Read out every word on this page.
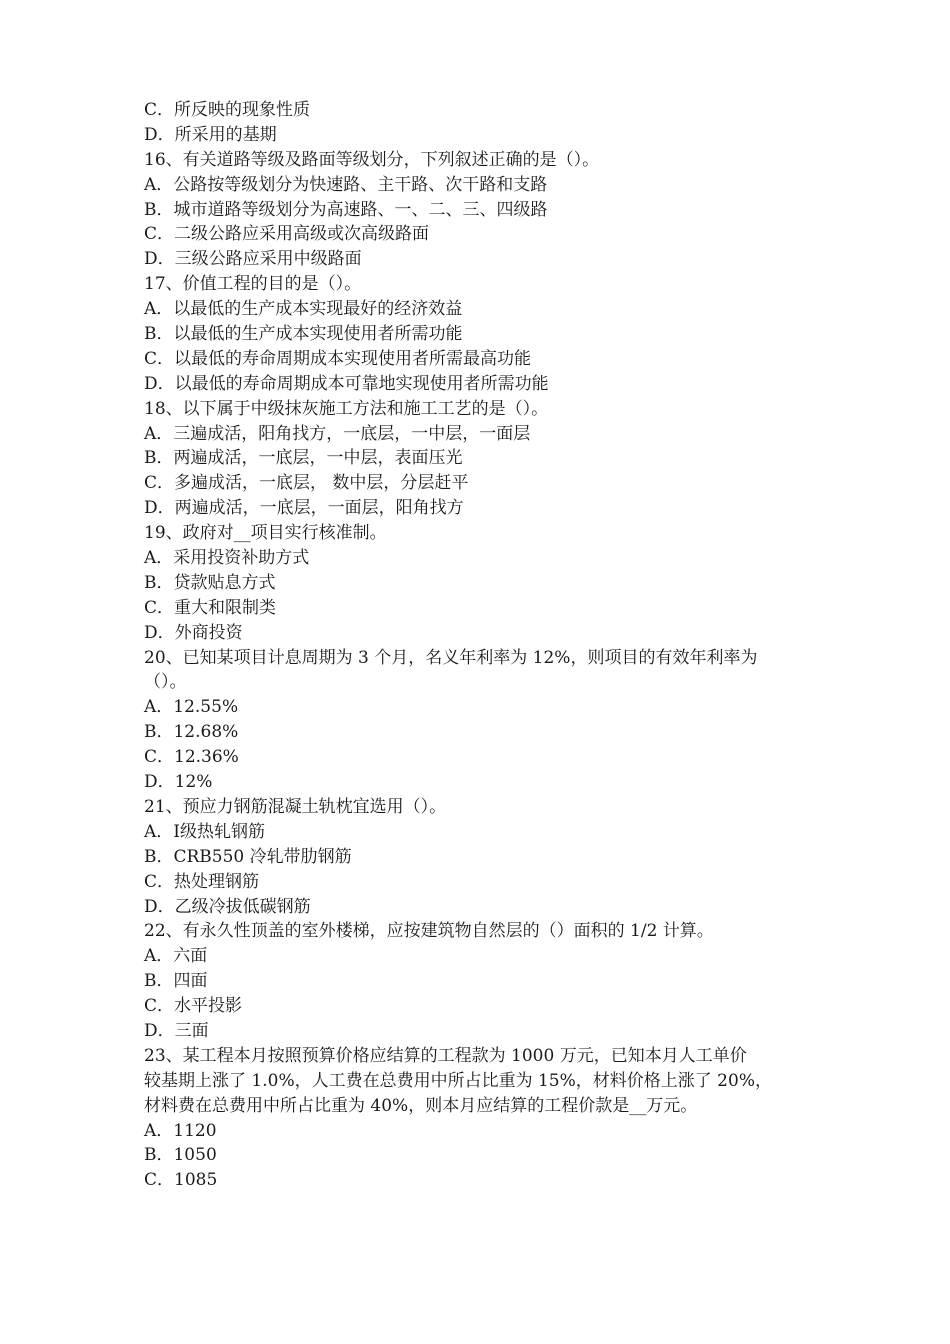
C．所反映的现象性质
D．所采用的基期
16、有关道路等级及路面等级划分，下列叙述正确的是（）。
A．公路按等级划分为快速路、主干路、次干路和支路
B．城市道路等级划分为高速路、一、二、三、四级路
C．二级公路应采用高级或次高级路面
D．三级公路应采用中级路面
17、价值工程的目的是（）。
A．以最低的生产成本实现最好的经济效益
B．以最低的生产成本实现使用者所需功能
C．以最低的寿命周期成本实现使用者所需最高功能
D．以最低的寿命周期成本可靠地实现使用者所需功能
18、以下属于中级抹灰施工方法和施工工艺的是（）。
A．三遍成活，阳角找方，一底层，一中层，一面层
B．两遍成活，一底层，一中层，表面压光
C．多遍成活，一底层， 数中层，分层赶平
D．两遍成活，一底层，一面层，阳角找方
19、政府对__项目实行核准制。
A．采用投资补助方式
B．贷款贴息方式
C．重大和限制类
D．外商投资
20、已知某项目计息周期为 3 个月，名义年利率为 12%，则项目的有效年利率为
（）。
A．12.55%
B．12.68%
C．12.36%
D．12%
21、预应力钢筋混凝土轨枕宜选用（）。
A．Ⅰ级热轧钢筋
B．CRB550 冷轧带肋钢筋
C．热处理钢筋
D．乙级冷拔低碳钢筋
22、有永久性顶盖的室外楼梯，应按建筑物自然层的（）面积的 1/2 计算。
A．六面
B．四面
C．水平投影
D．三面
23、某工程本月按照预算价格应结算的工程款为 1000 万元，已知本月人工单价
较基期上涨了 1.0%，人工费在总费用中所占比重为 15%，材料价格上涨了 20%，
材料费在总费用中所占比重为 40%，则本月应结算的工程价款是__万元。
A．1120
B．1050
C．1085
